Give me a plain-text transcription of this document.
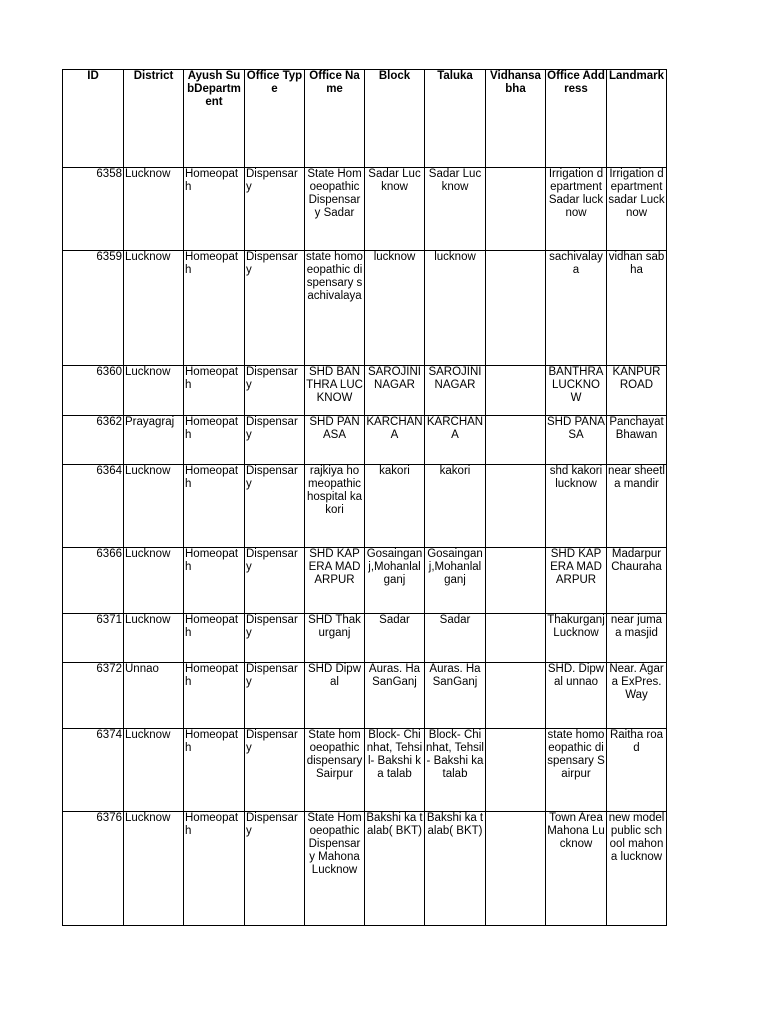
ID	District	Ayush SubDepartment	Office Type	Office Name	Block	Taluka	Vidhansabha	Office Address	Landmark
6358	Lucknow	Homeopath	Dispensary	State Homoeopathic Dispensary Sadar	Sadar Lucknow	Sadar Lucknow		Irrigation department Sadar lucknow	Irrigation department sadar Lucknow
6359	Lucknow	Homeopath	Dispensary	state homoeopathic dispensary sachivalaya	lucknow	lucknow		sachivalaya	vidhan sabha
6360	Lucknow	Homeopath	Dispensary	SHD BANTHRA LUCKNOW	SAROJINI NAGAR	SAROJINI NAGAR		BANTHRA LUCKNOW	KANPUR ROAD
6362	Prayagraj	Homeopath	Dispensary	SHD PANASA	KARCHANA	KARCHANA		SHD PANASA	Panchayat Bhawan
6364	Lucknow	Homeopath	Dispensary	rajkiya homeopathic hospital kakori	kakori	kakori		shd kakori lucknow	near sheetla mandir
6366	Lucknow	Homeopath	Dispensary	SHD KAPERA MADARPUR	Gosainganj,Mohanlalganj	Gosainganj,Mohanlalganj		SHD KAPERA MADARPUR	Madarpur Chauraha
6371	Lucknow	Homeopath	Dispensary	SHD Thakurganj	Sadar	Sadar		Thakurganj Lucknow	near jumaa masjid
6372	Unnao	Homeopath	Dispensary	SHD Dipwal	Auras. HaSanGanj	Auras. HaSanGanj		SHD. Dipwal unnao	Near. Agara ExPres. Way
6374	Lucknow	Homeopath	Dispensary	State homoeopathic dispensary Sairpur	Block- Chinhat, Tehsil- Bakshi ka talab	Block- Chinhat, Tehsil- Bakshi ka talab		state homoeopathic dispensary Sairpur	Raitha road
6376	Lucknow	Homeopath	Dispensary	State Homoeopathic Dispensary Mahona Lucknow	Bakshi ka talab( BKT)	Bakshi ka talab( BKT)		Town Area Mahona Lucknow	new model public school mahona lucknow
